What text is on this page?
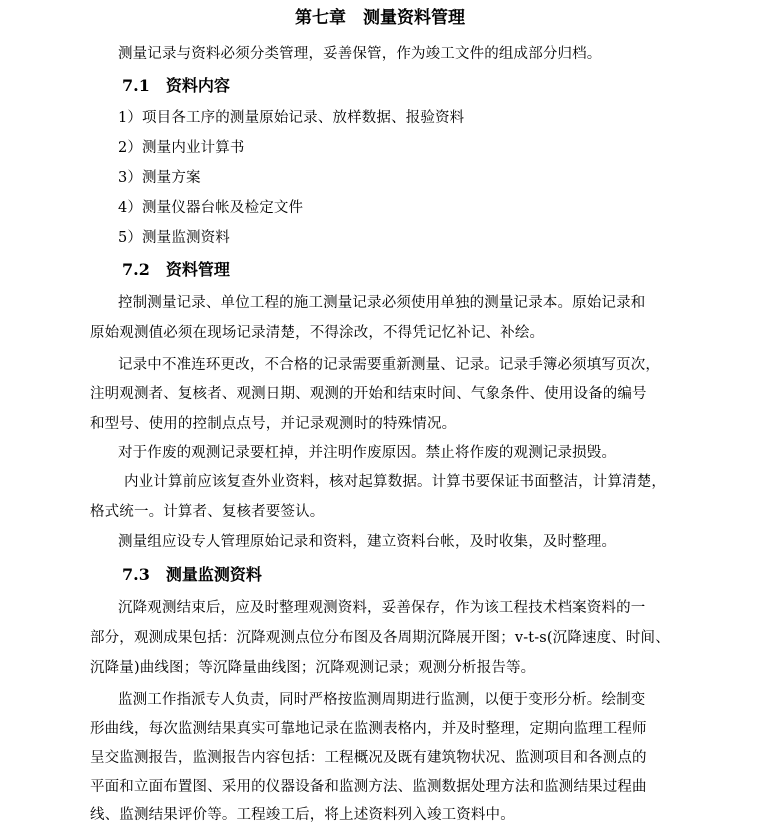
第七章　测量资料管理
测量记录与资料必须分类管理，妥善保管，作为竣工文件的组成部分归档。
7.1　资料内容
1）项目各工序的测量原始记录、放样数据、报验资料
2）测量内业计算书
3）测量方案
4）测量仪器台帐及检定文件
5）测量监测资料
7.2　资料管理
控制测量记录、单位工程的施工测量记录必须使用单独的测量记录本。原始记录和
原始观测值必须在现场记录清楚，不得涂改，不得凭记忆补记、补绘。
记录中不准连环更改，不合格的记录需要重新测量、记录。记录手簿必须填写页次，
注明观测者、复核者、观测日期、观测的开始和结束时间、气象条件、使用设备的编号
和型号、使用的控制点点号，并记录观测时的特殊情况。
对于作废的观测记录要杠掉，并注明作废原因。禁止将作废的观测记录损毁。
内业计算前应该复查外业资料，核对起算数据。计算书要保证书面整洁，计算清楚，
格式统一。计算者、复核者要签认。
测量组应设专人管理原始记录和资料，建立资料台帐，及时收集，及时整理。
7.3　测量监测资料
沉降观测结束后，应及时整理观测资料，妥善保存，作为该工程技术档案资料的一
部分，观测成果包括：沉降观测点位分布图及各周期沉降展开图；v-t-s(沉降速度、时间、
沉降量)曲线图；等沉降量曲线图；沉降观测记录；观测分析报告等。
监测工作指派专人负责，同时严格按监测周期进行监测，以便于变形分析。绘制变
形曲线，每次监测结果真实可靠地记录在监测表格内，并及时整理，定期向监理工程师
呈交监测报告，监测报告内容包括：工程概况及既有建筑物状况、监测项目和各测点的
平面和立面布置图、采用的仪器设备和监测方法、监测数据处理方法和监测结果过程曲
线、监测结果评价等。工程竣工后，将上述资料列入竣工资料中。
